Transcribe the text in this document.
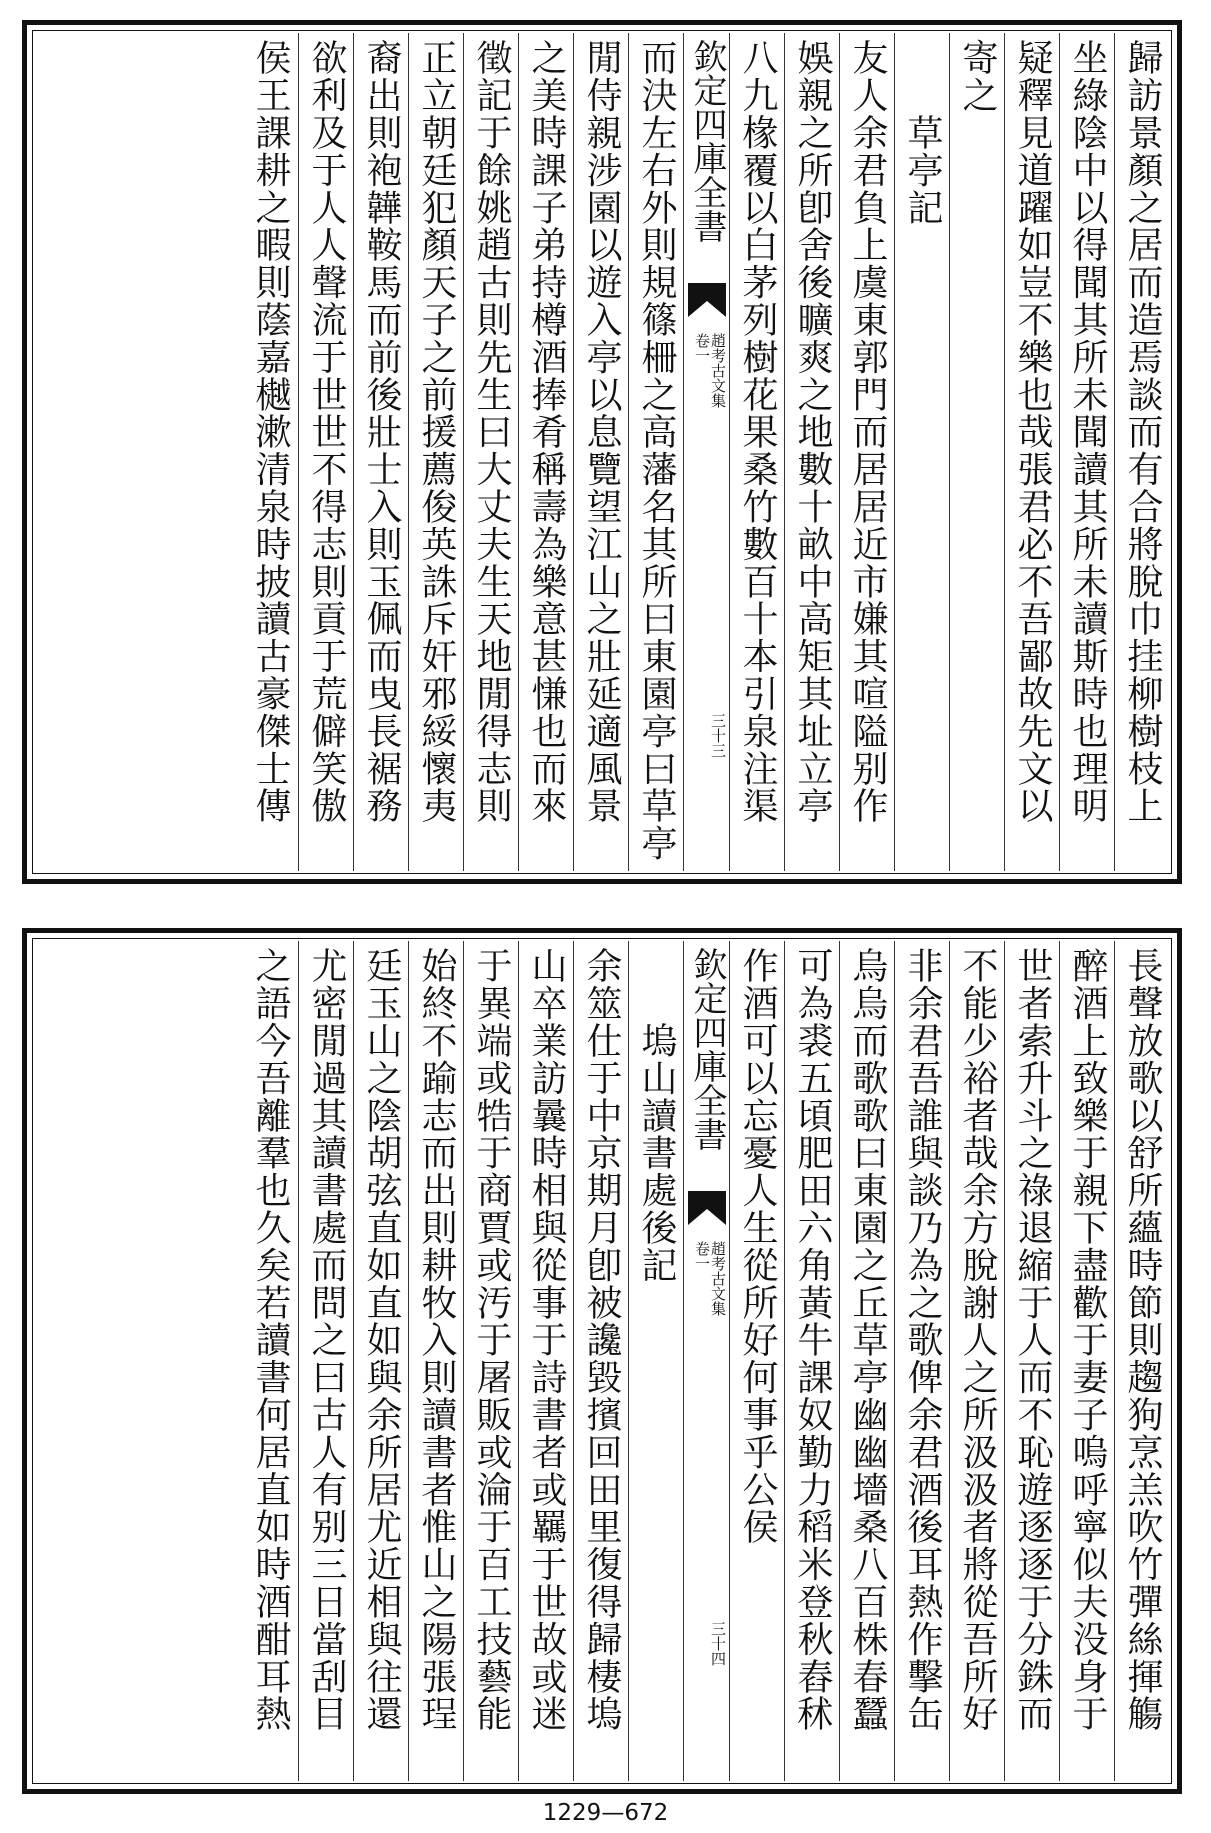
歸訪景顏之居而造焉談而有合將脫巾挂柳樹枝上
坐綠陰中以得聞其所未聞讀其所未讀斯時也理明
疑釋見道躍如豈不樂也哉張君必不吾鄙故先文以
寄之
　　草亭記
友人余君負上虞東郭門而居居近市嫌其喧隘别作
娛親之所卽舍後曠爽之地數十畝中高矩其址立亭
八九椽覆以白茅列樹花果桑竹數百十本引泉注渠
欽定四庫全書
趙考古文集
卷一
三十三
而決左右外則規篠柵之高藩名其所曰東園亭曰草亭
閒侍親涉園以遊入亭以息覽望江山之壯延適風景
之美時課子弟持樽酒捧肴稱壽為樂意甚慊也而來
徵記于餘姚趙古則先生曰大丈夫生天地閒得志則
正立朝廷犯顏天子之前援薦俊英誅斥奸邪綏懷夷
裔出則袍韡鞍馬而前後壯士入則玉佩而曳長裾務
欲利及于人人聲流于世世不得志則貢于荒僻笑傲
侯王課耕之暇則蔭嘉樾漱清泉時披讀古豪傑士傳
長聲放歌以舒所蘊時節則趨狗烹羔吹竹彈絲揮觴
醉酒上致樂于親下盡歡于妻子嗚呼寧似夫没身于
世者索升斗之祿退縮于人而不恥遊逐逐于分銖而
不能少裕者哉余方脫謝人之所汲汲者將從吾所好
非余君吾誰與談乃為之歌俾余君酒後耳熱作擊缶
烏烏而歌歌曰東園之丘草亭幽幽墻桑八百株春蠶
可為裘五頃肥田六角黃牛課奴勤力稻米登秋舂秫
作酒可以忘憂人生從所好何事乎公侯
欽定四庫全書
趙考古文集
卷一
三十四
　　塢山讀書處後記
余筮仕于中京期月卽被讒毀擯回田里復得歸棲塢
山卒業訪曩時相與從事于詩書者或羈于世故或迷
于異端或牿于商賈或汚于屠販或淪于百工技藝能
始終不踰志而出則耕牧入則讀書者惟山之陽張珵
廷玉山之陰胡弦直如直如與余所居尤近相與往還
尤密閒過其讀書處而問之曰古人有别三日當刮目
之語今吾離羣也久矣若讀書何居直如時酒酣耳熱
1229—672
